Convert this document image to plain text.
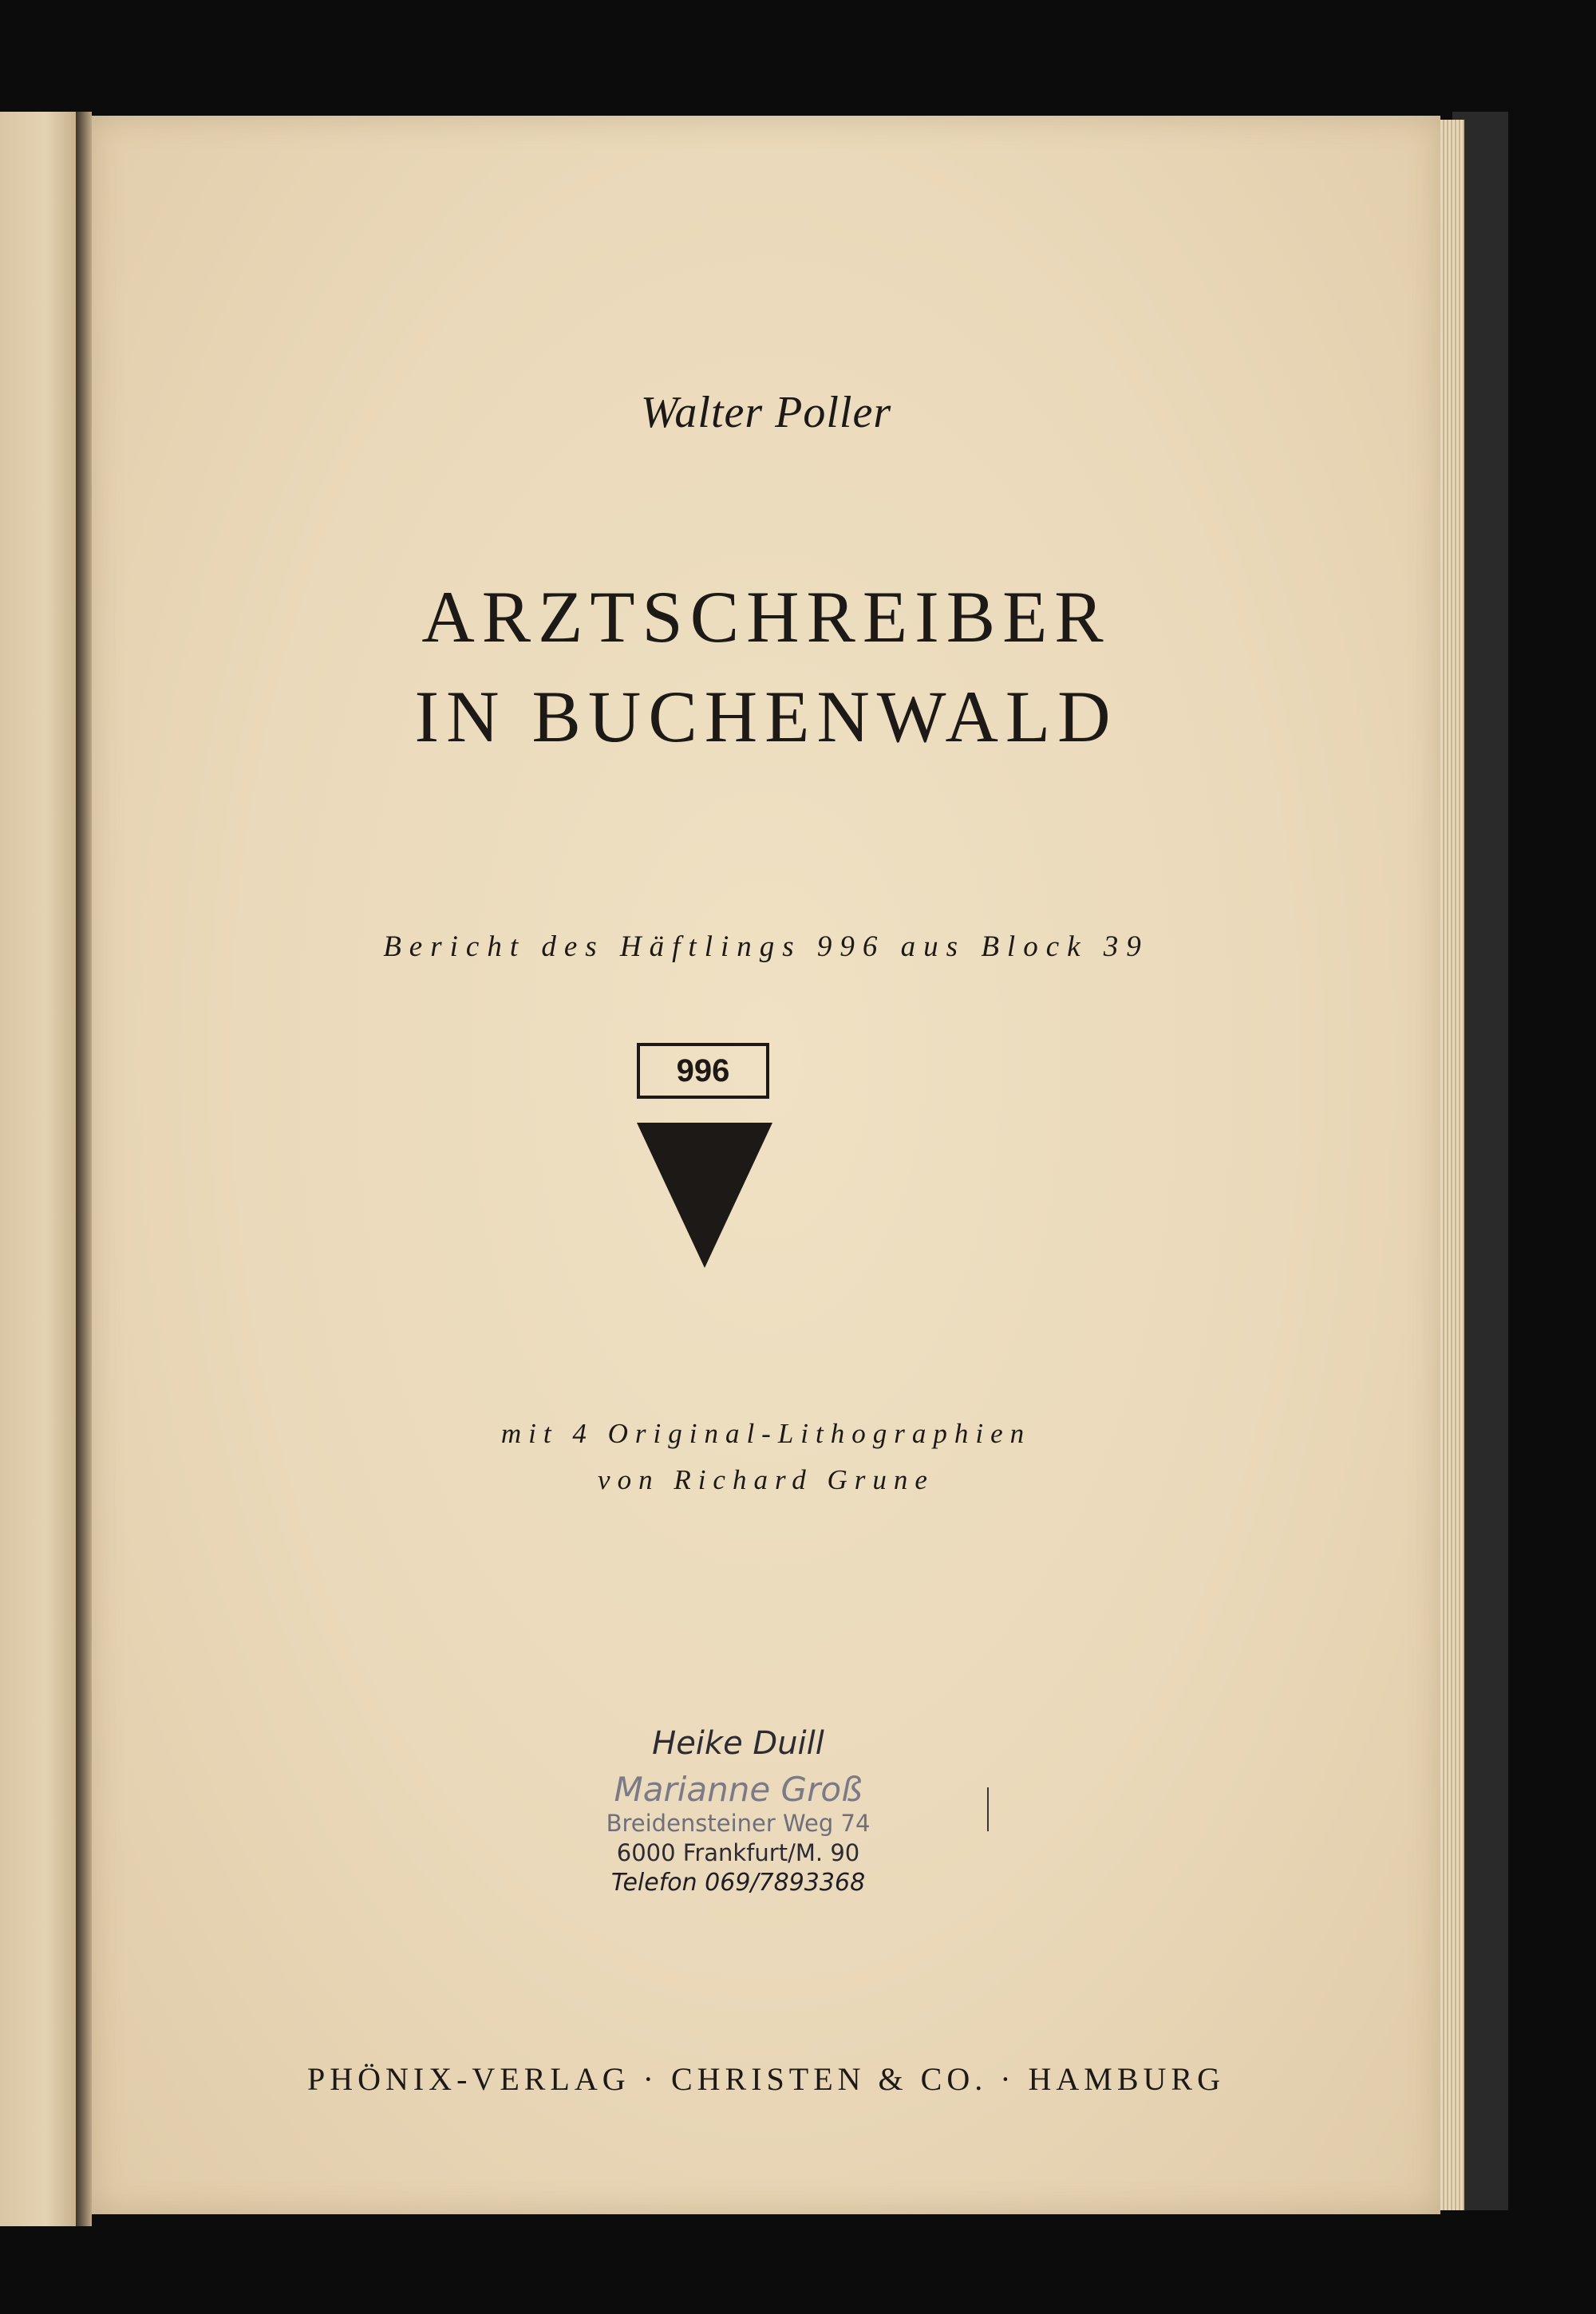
Walter Poller
ARZTSCHREIBER
IN BUCHENWALD
Bericht des Häftlings 996 aus Block 39
996
mit 4 Original-Lithographien
von Richard Grune
Heike Duill
Marianne Groß
Breidensteiner Weg 74
6000 Frankfurt/M. 90
Telefon 069/7893368
PHÖNIX-VERLAG · CHRISTEN & CO. · HAMBURG
